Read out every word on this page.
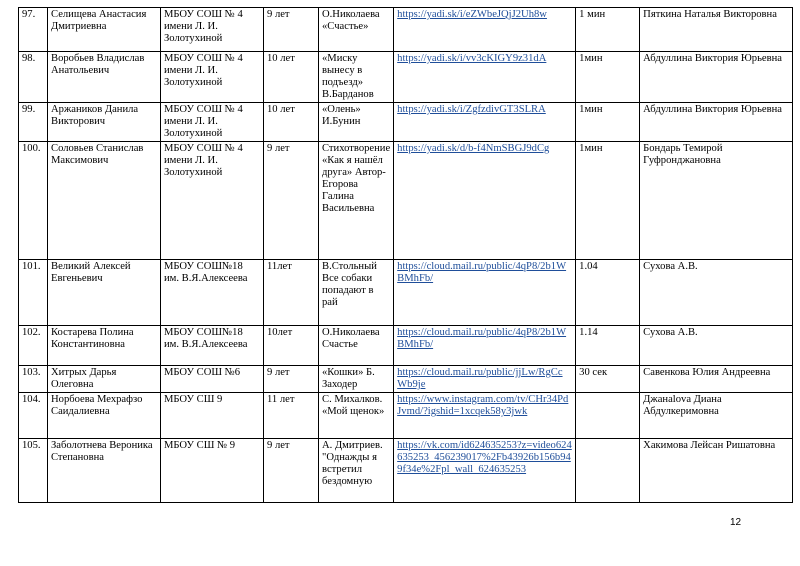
97.	Селищева Анастасия Дмитриевна	МБОУ СОШ № 4 имени Л. И. Золотухиной	9 лет	О.Николаева «Счастье»	https://yadi.sk/i/eZWbeJQjJ2Uh8w	1 мин	Пяткина Наталья Викторовна
98.	Воробьев Владислав Анатольевич	МБОУ СОШ № 4 имени Л. И. Золотухиной	10 лет	«Миску вынесу в подъезд» В.Барданов	https://yadi.sk/i/vv3cKIGY9z31dA	1мин	Абдуллина Виктория Юрьевна
99.	Аржаников Данила Викторович	МБОУ СОШ № 4 имени Л. И. Золотухиной	10 лет	«Олень» И.Бунин	https://yadi.sk/i/ZgfzdivGT3SLRA	1мин	Абдуллина Виктория Юрьевна
100.	Соловьев Станислав Максимович	МБОУ СОШ № 4 имени Л. И. Золотухиной	9 лет	Стихотворение «Как я нашёл друга» Автор- Егорова Галина Васильевна	https://yadi.sk/d/b-f4NmSBGJ9dCg	1мин	Бондарь Темирой Гуфронджановна
101.	Великий Алексей Евгеньевич	МБОУ СОШ№18 им. В.Я.Алексеева	11лет	В.Стольный Все собаки попадают в рай	https://cloud.mail.ru/public/4qP8/2b1WBMhFb/	1.04	Сухова А.В.
102.	Костарева Полина Константиновна	МБОУ СОШ№18 им. В.Я.Алексеева	10лет	О.Николаева Счастье	https://cloud.mail.ru/public/4qP8/2b1WBMhFb/	1.14	Сухова А.В.
103.	Хитрых Дарья Олеговна	МБОУ СОШ №6	9 лет	«Кошки» Б. Заходер	https://cloud.mail.ru/public/jjLw/RgCcWb9je	30 сек	Савенкова Юлия Андреевна
104.	Норбоева Мехрафзо Саидалиевна	МБОУ СШ 9	11 лет	С. Михалков. «Мой щенок»	https://www.instagram.com/tv/CHr34PdJvmd/?igshid=1xcqek58y3jwk		Джанalova Диана Абдулкеримовна
105.	Заболотнева Вероника Степановна	МБОУ СШ № 9	9 лет	А. Дмитриев. "Однажды я встретил бездомную	https://vk.com/id624635253?z=video624635253_456239017%2Fb43926b156b949f34e%2Fpl_wall_624635253		Хакимова Лейсан Ришатовна
12
